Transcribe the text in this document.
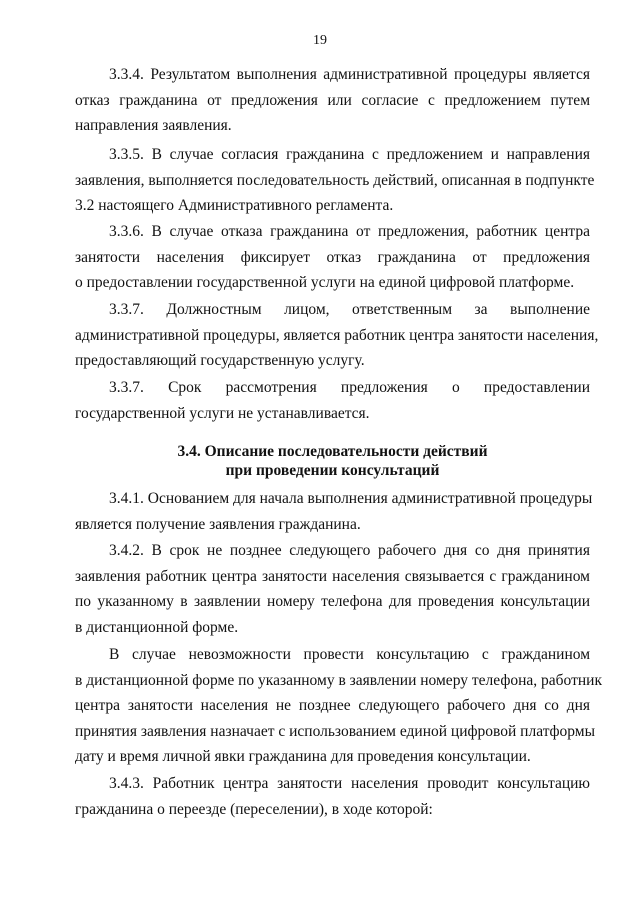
19
3.3.4. Результатом выполнения административной процедуры является
отказ гражданина от предложения или согласие с предложением путем
направления заявления.
3.3.5. В случае согласия гражданина с предложением и направления
заявления, выполняется последовательность действий, описанная в подпункте
3.2 настоящего Административного регламента.
3.3.6. В случае отказа гражданина от предложения, работник центра
занятости населения фиксирует отказ гражданина от предложения
о предоставлении государственной услуги на единой цифровой платформе.
3.3.7. Должностным лицом, ответственным за выполнение
административной процедуры, является работник центра занятости населения,
предоставляющий государственную услугу.
3.3.7. Срок рассмотрения предложения о предоставлении
государственной услуги не устанавливается.
3.4. Описание последовательности действий
при проведении консультаций
3.4.1. Основанием для начала выполнения административной процедуры
является получение заявления гражданина.
3.4.2. В срок не позднее следующего рабочего дня со дня принятия
заявления работник центра занятости населения связывается с гражданином
по указанному в заявлении номеру телефона для проведения консультации
в дистанционной форме.
В случае невозможности провести консультацию с гражданином
в дистанционной форме по указанному в заявлении номеру телефона, работник
центра занятости населения не позднее следующего рабочего дня со дня
принятия заявления назначает с использованием единой цифровой платформы
дату и время личной явки гражданина для проведения консультации.
3.4.3. Работник центра занятости населения проводит консультацию
гражданина о переезде (переселении), в ходе которой:
